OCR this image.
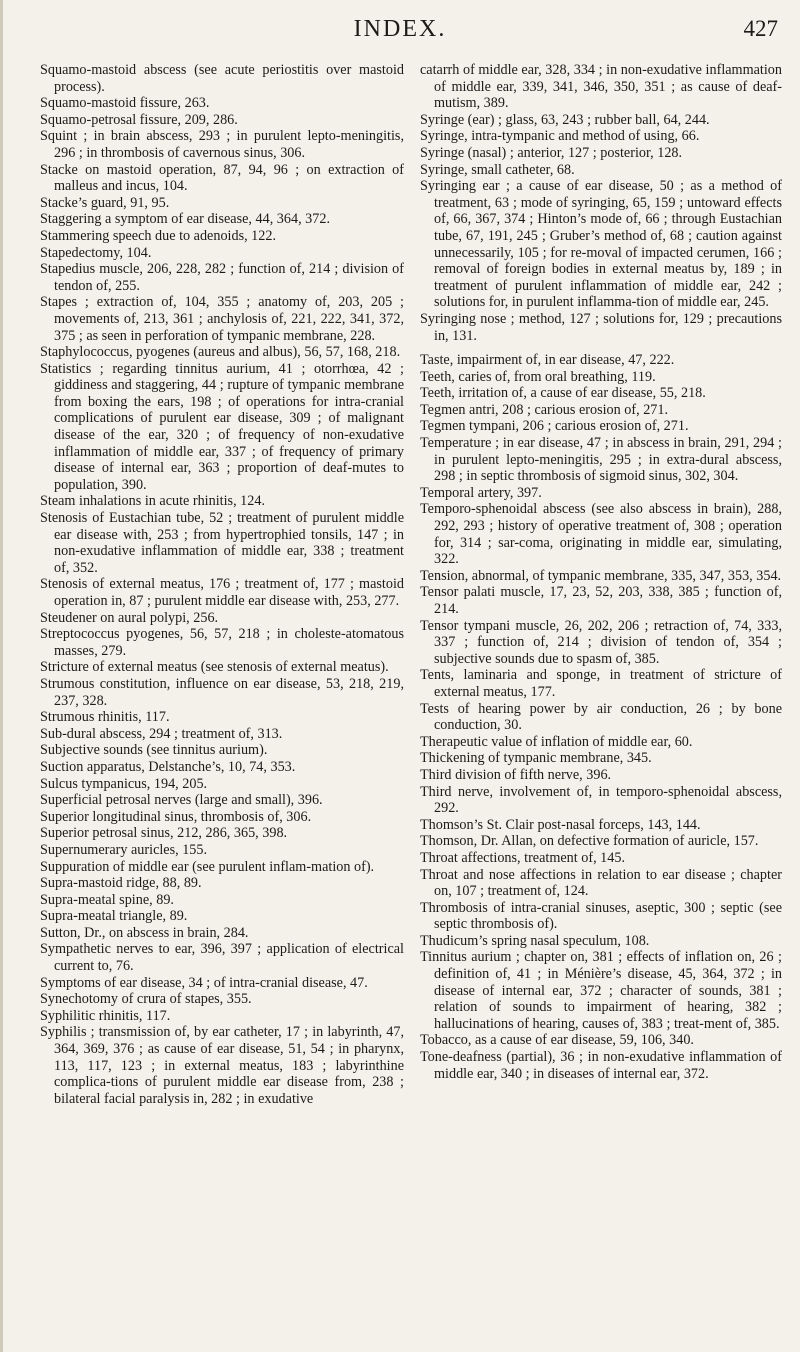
INDEX.	427

Squamo-mastoid abscess (see acute periostitis over mastoid process).

Squamo-mastoid fissure, 263.

Squamo-petrosal fissure, 209, 286.

Squint ; in brain abscess, 293 ; in purulent lepto-meningitis, 296 ; in thrombosis of cavernous sinus, 306.

Stacke on mastoid operation, 87, 94, 96 ; on extraction of malleus and incus, 104.

Stacke’s guard, 91, 95.

Staggering a symptom of ear disease, 44, 364, 372.

Stammering speech due to adenoids, 122.

Stapedectomy, 104.

Stapedius muscle, 206, 228, 282 ; function of, 214 ; division of tendon of, 255.

Stapes ; extraction of, 104, 355 ; anatomy of, 203, 205 ; movements of, 213, 361 ; anchylosis of, 221, 222, 341, 372, 375 ; as seen in perforation of tympanic membrane, 228.

Staphylococcus, pyogenes (aureus and albus), 56, 57, 168, 218.

Statistics ; regarding tinnitus aurium, 41 ; otorrhœa, 42 ; giddiness and staggering, 44 ; rupture of tympanic membrane from boxing the ears, 198 ; of operations for intra-cranial complications of purulent ear disease, 309 ; of malignant disease of the ear, 320 ; of frequency of non-exudative inflammation of middle ear, 337 ; of frequency of primary disease of internal ear, 363 ; proportion of deaf-mutes to population, 390.

Steam inhalations in acute rhinitis, 124.

Stenosis of Eustachian tube, 52 ; treatment of purulent middle ear disease with, 253 ; from hypertrophied tonsils, 147 ; in non-exudative inflammation of middle ear, 338 ; treatment of, 352.

Stenosis of external meatus, 176 ; treatment of, 177 ; mastoid operation in, 87 ; purulent middle ear disease with, 253, 277.

Steudener on aural polypi, 256.

Streptococcus pyogenes, 56, 57, 218 ; in choleste-atomatous masses, 279.

Stricture of external meatus (see stenosis of external meatus).

Strumous constitution, influence on ear disease, 53, 218, 219, 237, 328.

Strumous rhinitis, 117.

Sub-dural abscess, 294 ; treatment of, 313.

Subjective sounds (see tinnitus aurium).

Suction apparatus, Delstanche’s, 10, 74, 353.

Sulcus tympanicus, 194, 205.

Superficial petrosal nerves (large and small), 396.

Superior longitudinal sinus, thrombosis of, 306.

Superior petrosal sinus, 212, 286, 365, 398.

Supernumerary auricles, 155.

Suppuration of middle ear (see purulent inflam-mation of).

Supra-mastoid ridge, 88, 89.

Supra-meatal spine, 89.

Supra-meatal triangle, 89.

Sutton, Dr., on abscess in brain, 284.

Sympathetic nerves to ear, 396, 397 ; application of electrical current to, 76.

Symptoms of ear disease, 34 ; of intra-cranial disease, 47.

Synechotomy of crura of stapes, 355.

Syphilitic rhinitis, 117.

Syphilis ; transmission of, by ear catheter, 17 ; in labyrinth, 47, 364, 369, 376 ; as cause of ear disease, 51, 54 ; in pharynx, 113, 117, 123 ; in external meatus, 183 ; labyrinthine complica-tions of purulent middle ear disease from, 238 ; bilateral facial paralysis in, 282 ; in exudative

catarrh of middle ear, 328, 334 ; in non-exudative inflammation of middle ear, 339, 341, 346, 350, 351 ; as cause of deaf-mutism, 389.

Syringe (ear) ; glass, 63, 243 ; rubber ball, 64, 244.

Syringe, intra-tympanic and method of using, 66.

Syringe (nasal) ; anterior, 127 ; posterior, 128.

Syringe, small catheter, 68.

Syringing ear ; a cause of ear disease, 50 ; as a method of treatment, 63 ; mode of syringing, 65, 159 ; untoward effects of, 66, 367, 374 ; Hinton’s mode of, 66 ; through Eustachian tube, 67, 191, 245 ; Gruber’s method of, 68 ; caution against unnecessarily, 105 ; for re-moval of impacted cerumen, 166 ; removal of foreign bodies in external meatus by, 189 ; in treatment of purulent inflammation of middle ear, 242 ; solutions for, in purulent inflamma-tion of middle ear, 245.

Syringing nose ; method, 127 ; solutions for, 129 ; precautions in, 131.

Taste, impairment of, in ear disease, 47, 222.

Teeth, caries of, from oral breathing, 119.

Teeth, irritation of, a cause of ear disease, 55, 218.

Tegmen antri, 208 ; carious erosion of, 271.

Tegmen tympani, 206 ; carious erosion of, 271.

Temperature ; in ear disease, 47 ; in abscess in brain, 291, 294 ; in purulent lepto-meningitis, 295 ; in extra-dural abscess, 298 ; in septic thrombosis of sigmoid sinus, 302, 304.

Temporal artery, 397.

Temporo-sphenoidal abscess (see also abscess in brain), 288, 292, 293 ; history of operative treatment of, 308 ; operation for, 314 ; sar-coma, originating in middle ear, simulating, 322.

Tension, abnormal, of tympanic membrane, 335, 347, 353, 354.

Tensor palati muscle, 17, 23, 52, 203, 338, 385 ; function of, 214.

Tensor tympani muscle, 26, 202, 206 ; retraction of, 74, 333, 337 ; function of, 214 ; division of tendon of, 354 ; subjective sounds due to spasm of, 385.

Tents, laminaria and sponge, in treatment of stricture of external meatus, 177.

Tests of hearing power by air conduction, 26 ; by bone conduction, 30.

Therapeutic value of inflation of middle ear, 60.

Thickening of tympanic membrane, 345.

Third division of fifth nerve, 396.

Third nerve, involvement of, in temporo-sphenoidal abscess, 292.

Thomson’s St. Clair post-nasal forceps, 143, 144.

Thomson, Dr. Allan, on defective formation of auricle, 157.

Throat affections, treatment of, 145.

Throat and nose affections in relation to ear disease ; chapter on, 107 ; treatment of, 124.

Thrombosis of intra-cranial sinuses, aseptic, 300 ; septic (see septic thrombosis of).

Thudicum’s spring nasal speculum, 108.

Tinnitus aurium ; chapter on, 381 ; effects of inflation on, 26 ; definition of, 41 ; in Ménière’s disease, 45, 364, 372 ; in disease of internal ear, 372 ; character of sounds, 381 ; relation of sounds to impairment of hearing, 382 ; hallucinations of hearing, causes of, 383 ; treat-ment of, 385.

Tobacco, as a cause of ear disease, 59, 106, 340.

Tone-deafness (partial), 36 ; in non-exudative inflammation of middle ear, 340 ; in diseases of internal ear, 372.
